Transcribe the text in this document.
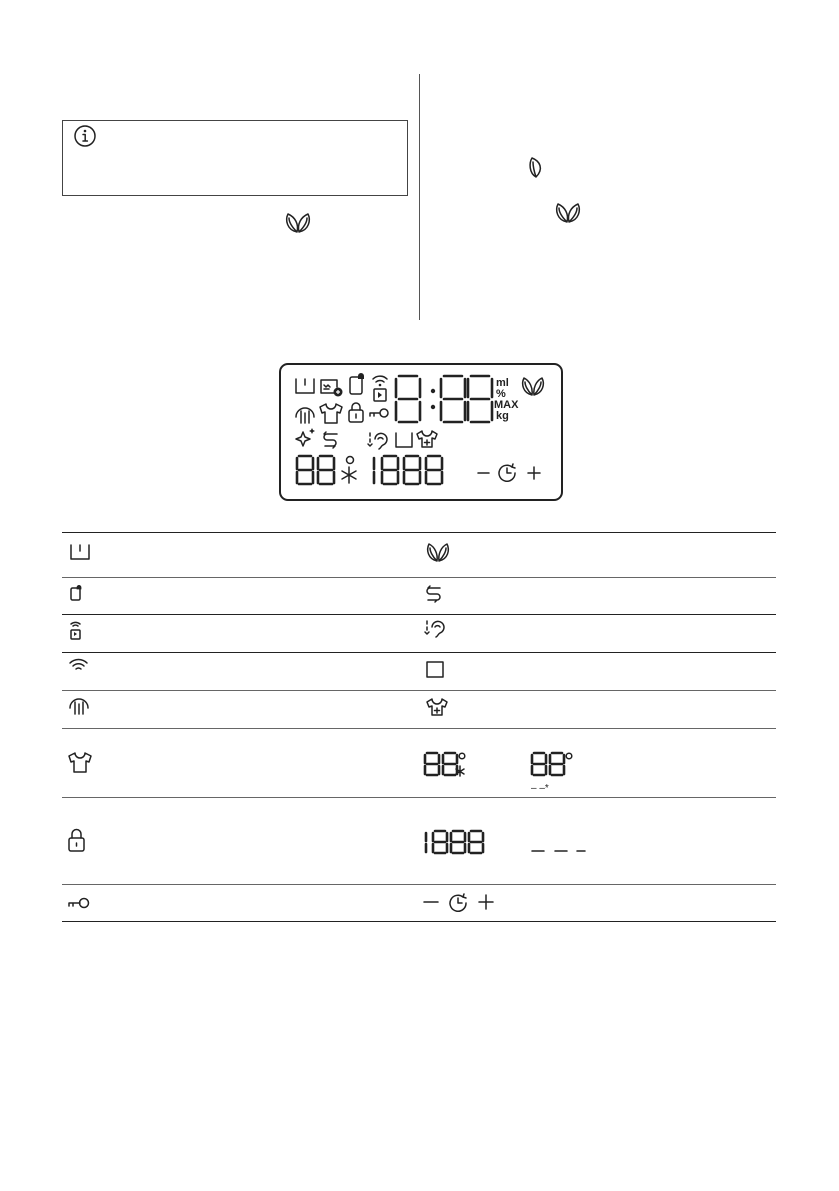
ml
%
MAX
kg
– –*
